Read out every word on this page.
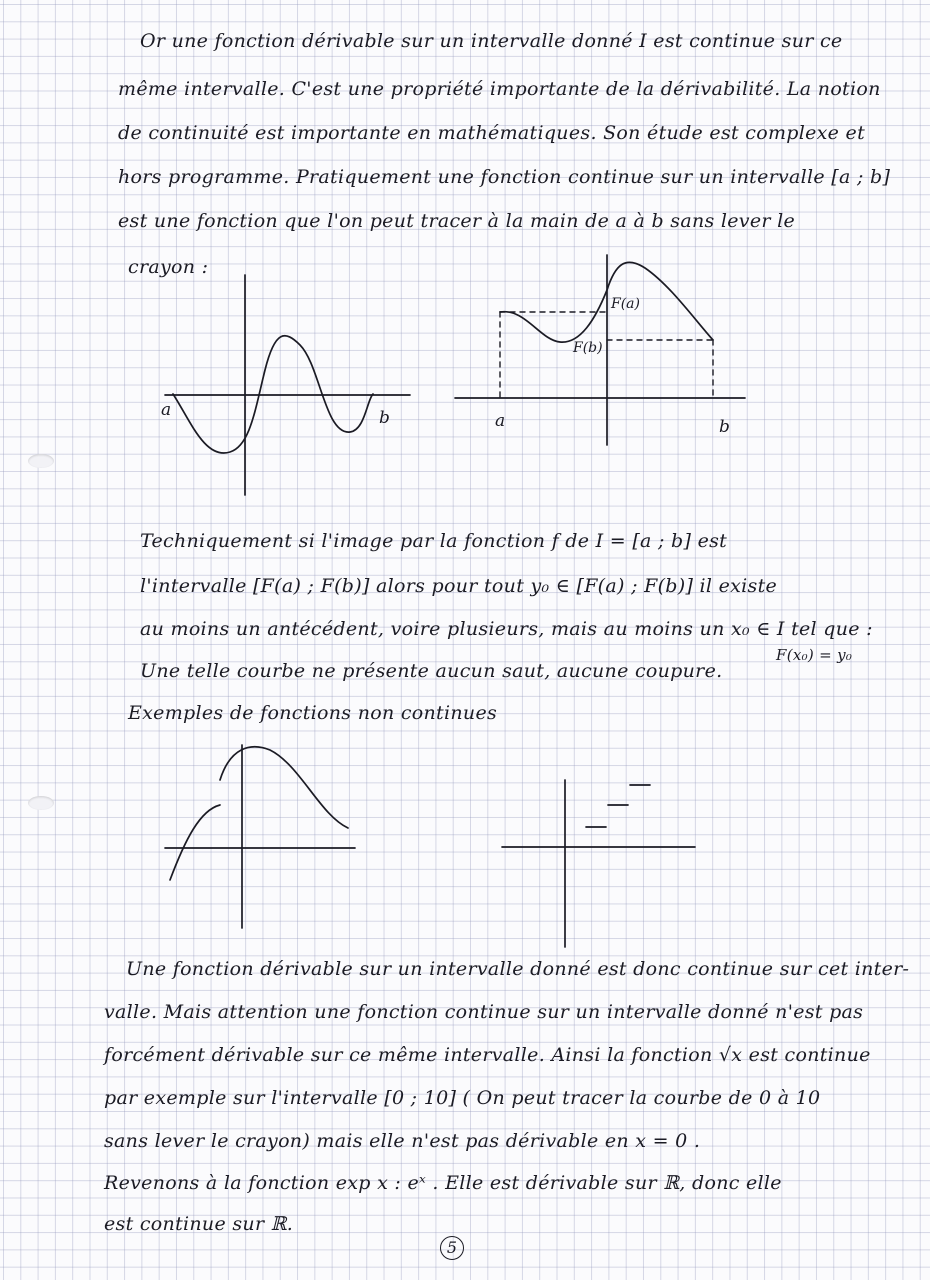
Or une fonction dérivable sur un intervalle donné I est continue sur ce
même intervalle. C'est une propriété importante de la dérivabilité. La notion
de continuité est importante en mathématiques. Son étude est complexe et
hors programme. Pratiquement une fonction continue sur un intervalle [a ; b]
est une fonction que l'on peut tracer à la main de a à b sans lever le
crayon :
a	b
F(a)
F(b)
a	b
Techniquement si l'image par la fonction f de I = [a ; b] est
l'intervalle [F(a) ; F(b)] alors pour tout y₀ ∈ [F(a) ; F(b)] il existe
au moins un antécédent, voire plusieurs, mais au moins un x₀ ∈ I tel que :
F(x₀) = y₀
Une telle courbe ne présente aucun saut, aucune coupure.
Exemples de fonctions non continues
Une fonction dérivable sur un intervalle donné est donc continue sur cet inter-
valle. Mais attention une fonction continue sur un intervalle donné n'est pas
forcément dérivable sur ce même intervalle. Ainsi la fonction √x est continue
par exemple sur l'intervalle [0 ; 10] ( On peut tracer la courbe de 0 à 10
sans lever le crayon) mais elle n'est pas dérivable en x = 0 .
Revenons à la fonction exp x : eˣ . Elle est dérivable sur ℝ, donc elle
est continue sur ℝ.
5
